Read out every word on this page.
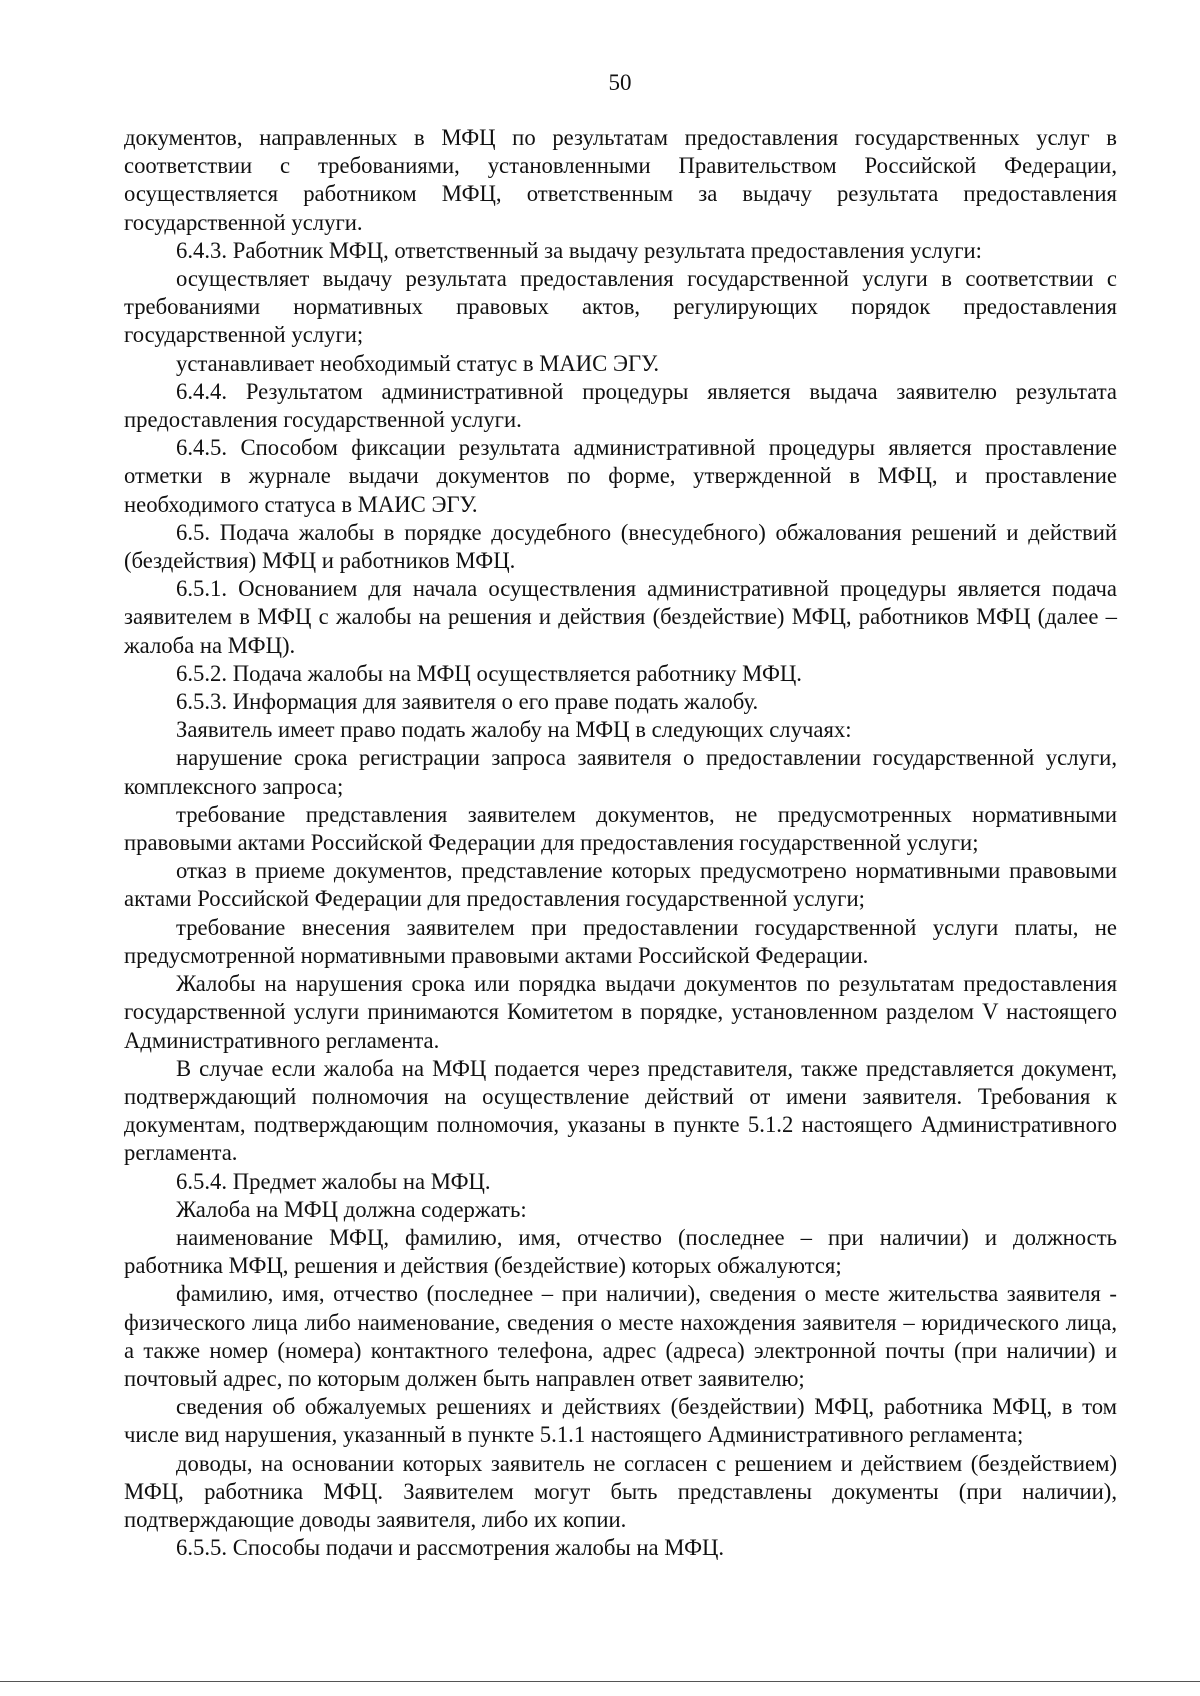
50

документов, направленных в МФЦ по результатам предоставления государственных услуг в соответствии с требованиями, установленными Правительством Российской Федерации, осуществляется работником МФЦ, ответственным за выдачу результата предоставления государственной услуги.

6.4.3. Работник МФЦ, ответственный за выдачу результата предоставления услуги:

осуществляет выдачу результата предоставления государственной услуги в соответствии с требованиями нормативных правовых актов, регулирующих порядок предоставления государственной услуги;

устанавливает необходимый статус в МАИС ЭГУ.

6.4.4. Результатом административной процедуры является выдача заявителю результата предоставления государственной услуги.

6.4.5. Способом фиксации результата административной процедуры является проставление отметки в журнале выдачи документов по форме, утвержденной в МФЦ, и проставление необходимого статуса в МАИС ЭГУ.

6.5. Подача жалобы в порядке досудебного (внесудебного) обжалования решений и действий (бездействия) МФЦ и работников МФЦ.

6.5.1. Основанием для начала осуществления административной процедуры является подача заявителем в МФЦ с жалобы на решения и действия (бездействие) МФЦ, работников МФЦ (далее – жалоба на МФЦ).

6.5.2. Подача жалобы на МФЦ осуществляется работнику МФЦ.

6.5.3. Информация для заявителя о его праве подать жалобу.

Заявитель имеет право подать жалобу на МФЦ в следующих случаях:

нарушение срока регистрации запроса заявителя о предоставлении государственной услуги, комплексного запроса;

требование представления заявителем документов, не предусмотренных нормативными правовыми актами Российской Федерации для предоставления государственной услуги;

отказ в приеме документов, представление которых предусмотрено нормативными правовыми актами Российской Федерации для предоставления государственной услуги;

требование внесения заявителем при предоставлении государственной услуги платы, не предусмотренной нормативными правовыми актами Российской Федерации.

Жалобы на нарушения срока или порядка выдачи документов по результатам предоставления государственной услуги принимаются Комитетом в порядке, установленном разделом V настоящего Административного регламента.

В случае если жалоба на МФЦ подается через представителя, также представляется документ, подтверждающий полномочия на осуществление действий от имени заявителя. Требования к документам, подтверждающим полномочия, указаны в пункте 5.1.2 настоящего Административного регламента.

6.5.4. Предмет жалобы на МФЦ.

Жалоба на МФЦ должна содержать:

наименование МФЦ, фамилию, имя, отчество (последнее – при наличии) и должность работника МФЦ, решения и действия (бездействие) которых обжалуются;

фамилию, имя, отчество (последнее – при наличии), сведения о месте жительства заявителя - физического лица либо наименование, сведения о месте нахождения заявителя – юридического лица, а также номер (номера) контактного телефона, адрес (адреса) электронной почты (при наличии) и почтовый адрес, по которым должен быть направлен ответ заявителю;

сведения об обжалуемых решениях и действиях (бездействии) МФЦ, работника МФЦ, в том числе вид нарушения, указанный в пункте 5.1.1 настоящего Административного регламента;

доводы, на основании которых заявитель не согласен с решением и действием (бездействием) МФЦ, работника МФЦ. Заявителем могут быть представлены документы (при наличии), подтверждающие доводы заявителя, либо их копии.

6.5.5. Способы подачи и рассмотрения жалобы на МФЦ.
